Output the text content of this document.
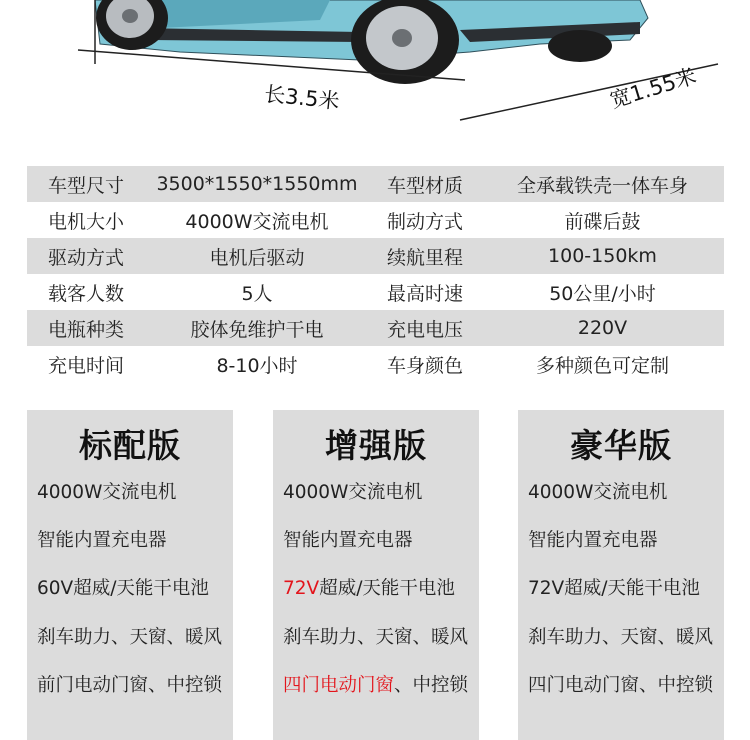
长3.5米	宽1.55米
车型尺寸	3500*1550*1550mm	车型材质	全承载铁壳一体车身
电机大小	4000W交流电机	制动方式	前碟后鼓
驱动方式	电机后驱动	续航里程	100-150km
载客人数	5人	最高时速	50公里/小时
电瓶种类	胶体免维护干电	充电电压	220V
充电时间	8-10小时	车身颜色	多种颜色可定制
标配版
4000W交流电机
智能内置充电器
60V超威/天能干电池
刹车助力、天窗、暖风
前门电动门窗、中控锁
增强版
4000W交流电机
智能内置充电器
72V超威/天能干电池
刹车助力、天窗、暖风
四门电动门窗、中控锁
豪华版
4000W交流电机
智能内置充电器
72V超威/天能干电池
刹车助力、天窗、暖风
四门电动门窗、中控锁
